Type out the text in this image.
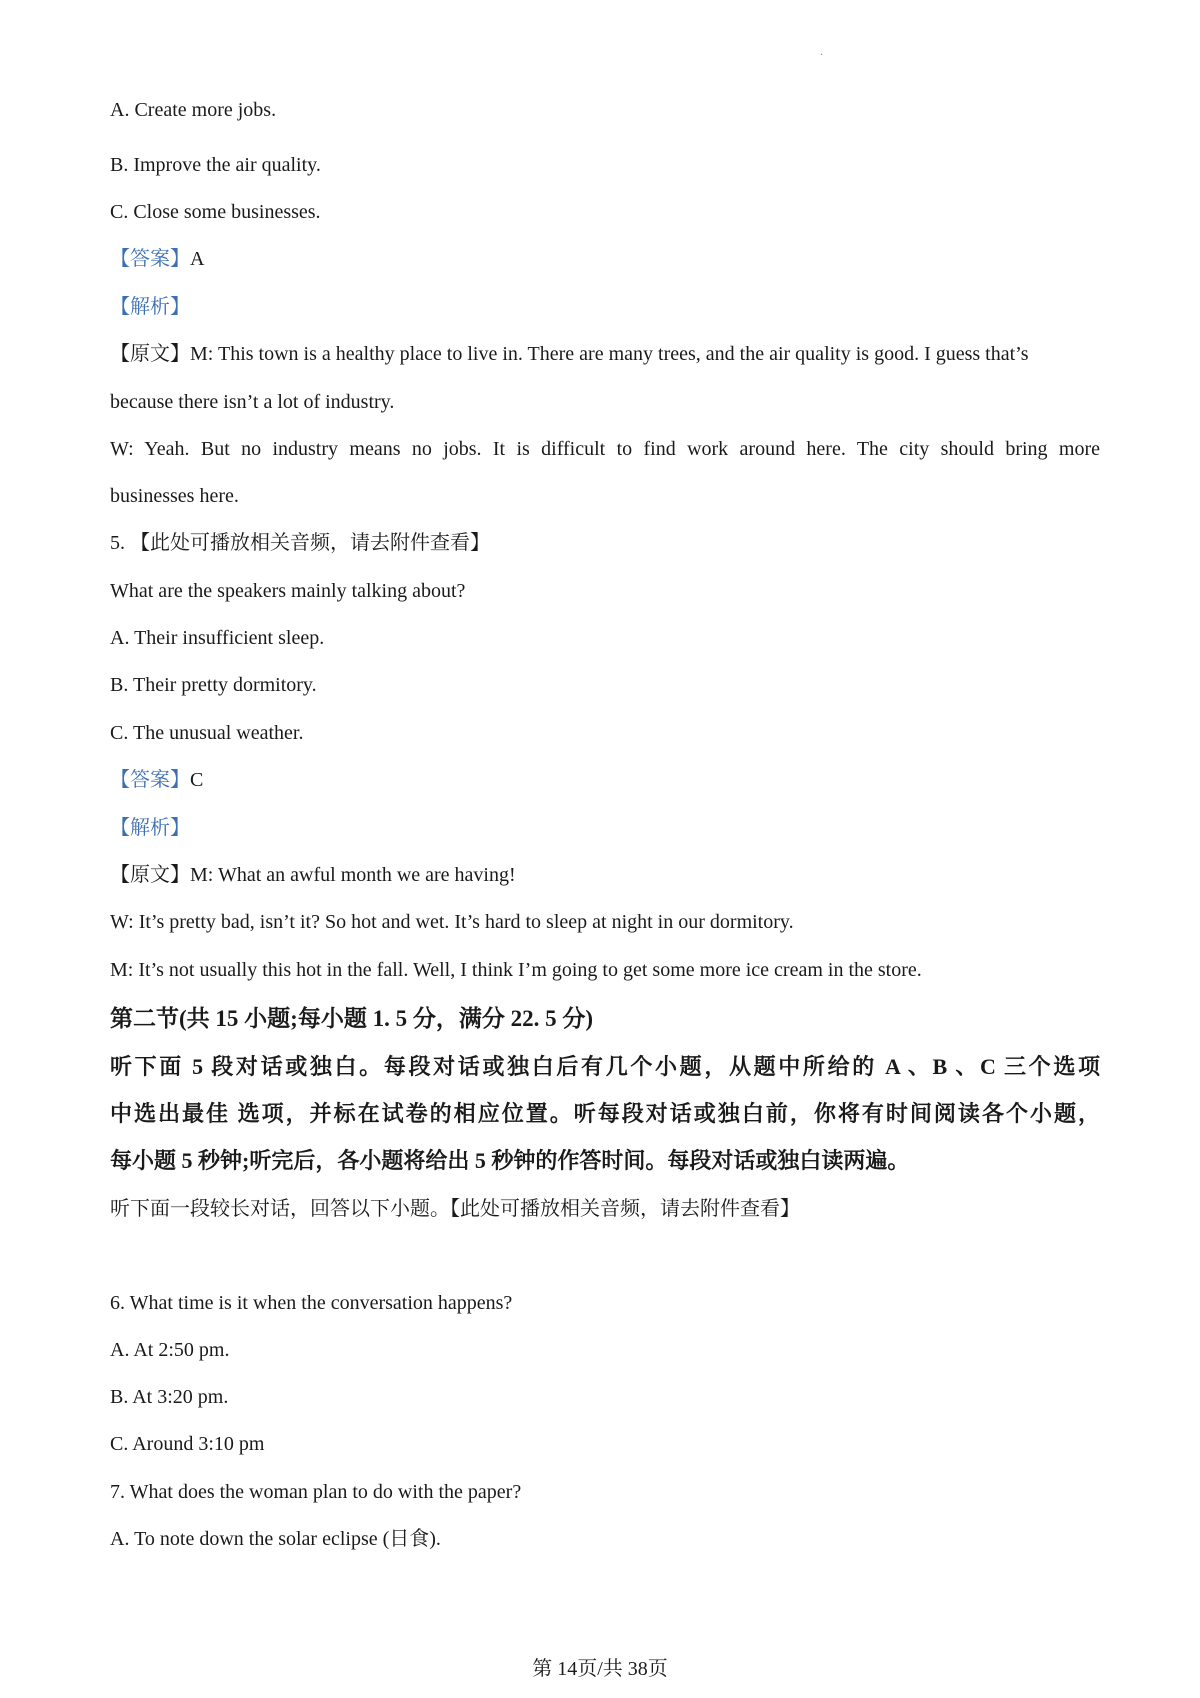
.
A. Create more jobs.
B. Improve the air quality.
C. Close some businesses.
【答案】A
【解析】
【原文】M: This town is a healthy place to live in. There are many trees, and the air quality is good. I guess that’s
because there isn’t a lot of industry.
W: Yeah. But no industry means no jobs. It is difficult to find work around here. The city should bring more
businesses here.
5. 【此处可播放相关音频，请去附件查看】
What are the speakers mainly talking about?
A. Their insufficient sleep.
B. Their pretty dormitory.
C. The unusual weather.
【答案】C
【解析】
【原文】M: What an awful month we are having!
W: It’s pretty bad, isn’t it? So hot and wet. It’s hard to sleep at night in our dormitory.
M: It’s not usually this hot in the fall. Well, I think I’m going to get some more ice cream in the store.
第二节(共 15 小题;每小题 1. 5 分，满分 22. 5 分)
听下面 5 段对话或独白。每段对话或独白后有几个小题，从题中所给的 A 、B 、C 三个选项
中选出最佳 选项，并标在试卷的相应位置。听每段对话或独白前，你将有时间阅读各个小题，
每小题 5 秒钟;听完后，各小题将给出 5 秒钟的作答时间。每段对话或独白读两遍。
听下面一段较长对话，回答以下小题。【此处可播放相关音频，请去附件查看】
6. What time is it when the conversation happens?
A. At 2:50 pm.
B. At 3:20 pm.
C. Around 3:10 pm
7. What does the woman plan to do with the paper?
A. To note down the solar eclipse (日食).
第 14页/共 38页
